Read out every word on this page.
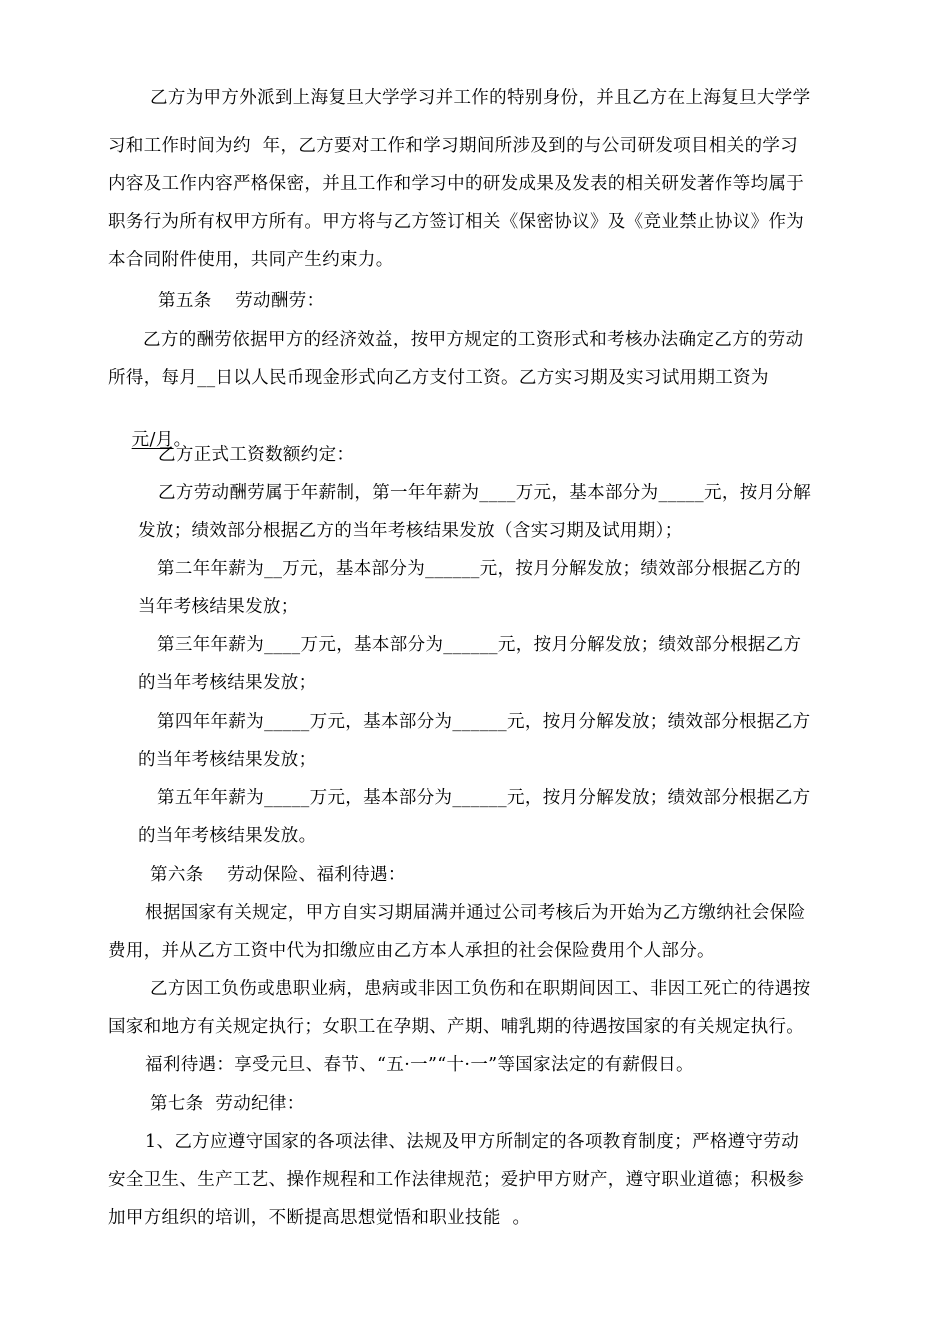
乙方为甲方外派到上海复旦大学学习并工作的特别身份，并且乙方在上海复旦大学学
习和工作时间为约  年，乙方要对工作和学习期间所涉及到的与公司研发项目相关的学习
内容及工作内容严格保密，并且工作和学习中的研发成果及发表的相关研发著作等均属于
职务行为所有权甲方所有。甲方将与乙方签订相关《保密协议》及《竞业禁止协议》作为
本合同附件使用，共同产生约束力。
第五条    劳动酬劳：
乙方的酬劳依据甲方的经济效益，按甲方规定的工资形式和考核办法确定乙方的劳动
所得，每月__日以人民币现金形式向乙方支付工资。乙方实习期及实习试用期工资为

元/月。

乙方正式工资数额约定：
乙方劳动酬劳属于年薪制，第一年年薪为____万元，基本部分为_____元，按月分解
发放；绩效部分根据乙方的当年考核结果发放（含实习期及试用期）；
第二年年薪为__万元，基本部分为______元，按月分解发放；绩效部分根据乙方的
当年考核结果发放；
第三年年薪为____万元，基本部分为______元，按月分解发放；绩效部分根据乙方
的当年考核结果发放；
第四年年薪为_____万元，基本部分为______元，按月分解发放；绩效部分根据乙方
的当年考核结果发放；
第五年年薪为_____万元，基本部分为______元，按月分解发放；绩效部分根据乙方
的当年考核结果发放。
第六条    劳动保险、福利待遇：
根据国家有关规定，甲方自实习期届满并通过公司考核后为开始为乙方缴纳社会保险
费用，并从乙方工资中代为扣缴应由乙方本人承担的社会保险费用个人部分。
乙方因工负伤或患职业病，患病或非因工负伤和在职期间因工、非因工死亡的待遇按
国家和地方有关规定执行；女职工在孕期、产期、哺乳期的待遇按国家的有关规定执行。
福利待遇：享受元旦、春节、“五·一”“十·一”等国家法定的有薪假日。
第七条  劳动纪律：
1、乙方应遵守国家的各项法律、法规及甲方所制定的各项教育制度；严格遵守劳动
安全卫生、生产工艺、操作规程和工作法律规范；爱护甲方财产，遵守职业道德；积极参
加甲方组织的培训，不断提高思想觉悟和职业技能  。
